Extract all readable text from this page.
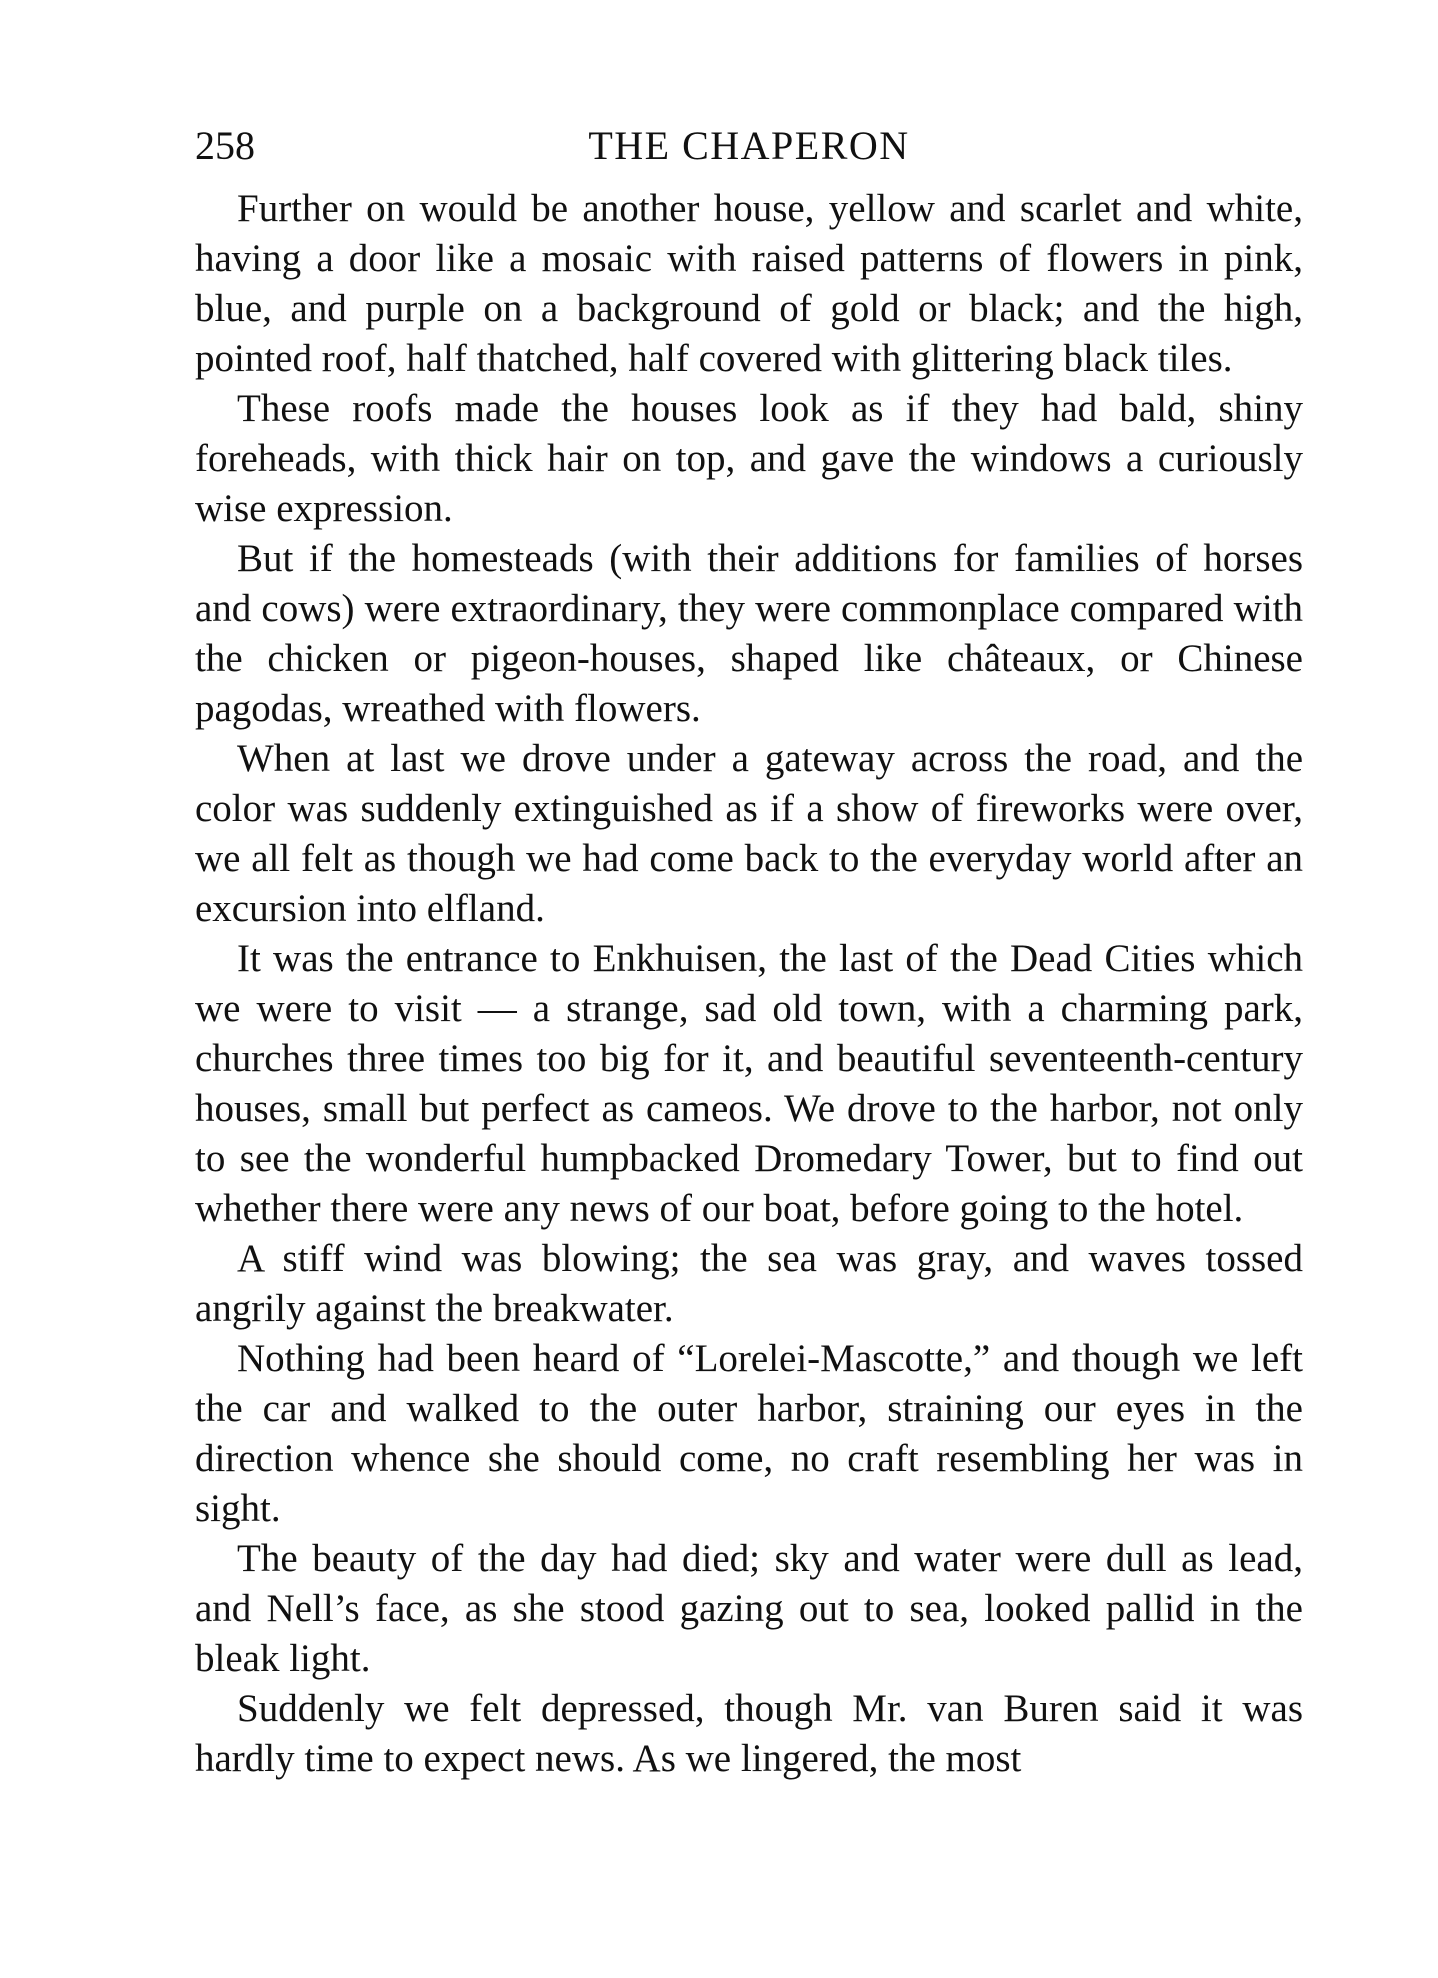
258	THE CHAPERON

Further on would be another house, yellow and scarlet and white, having a door like a mosaic with raised patterns of flowers in pink, blue, and purple on a background of gold or black; and the high, pointed roof, half thatched, half covered with glittering black tiles.

These roofs made the houses look as if they had bald, shiny foreheads, with thick hair on top, and gave the windows a curiously wise expression.

But if the homesteads (with their additions for families of horses and cows) were extraordinary, they were commonplace compared with the chicken or pigeon-houses, shaped like châteaux, or Chinese pagodas, wreathed with flowers.

When at last we drove under a gateway across the road, and the color was suddenly extinguished as if a show of fireworks were over, we all felt as though we had come back to the everyday world after an excursion into elfland.

It was the entrance to Enkhuisen, the last of the Dead Cities which we were to visit — a strange, sad old town, with a charming park, churches three times too big for it, and beautiful seventeenth-century houses, small but perfect as cameos. We drove to the harbor, not only to see the wonderful humpbacked Dromedary Tower, but to find out whether there were any news of our boat, before going to the hotel.

A stiff wind was blowing; the sea was gray, and waves tossed angrily against the breakwater.

Nothing had been heard of “Lorelei-Mascotte,” and though we left the car and walked to the outer harbor, straining our eyes in the direction whence she should come, no craft resembling her was in sight.

The beauty of the day had died; sky and water were dull as lead, and Nell’s face, as she stood gazing out to sea, looked pallid in the bleak light.

Suddenly we felt depressed, though Mr. van Buren said it was hardly time to expect news. As we lingered, the most
